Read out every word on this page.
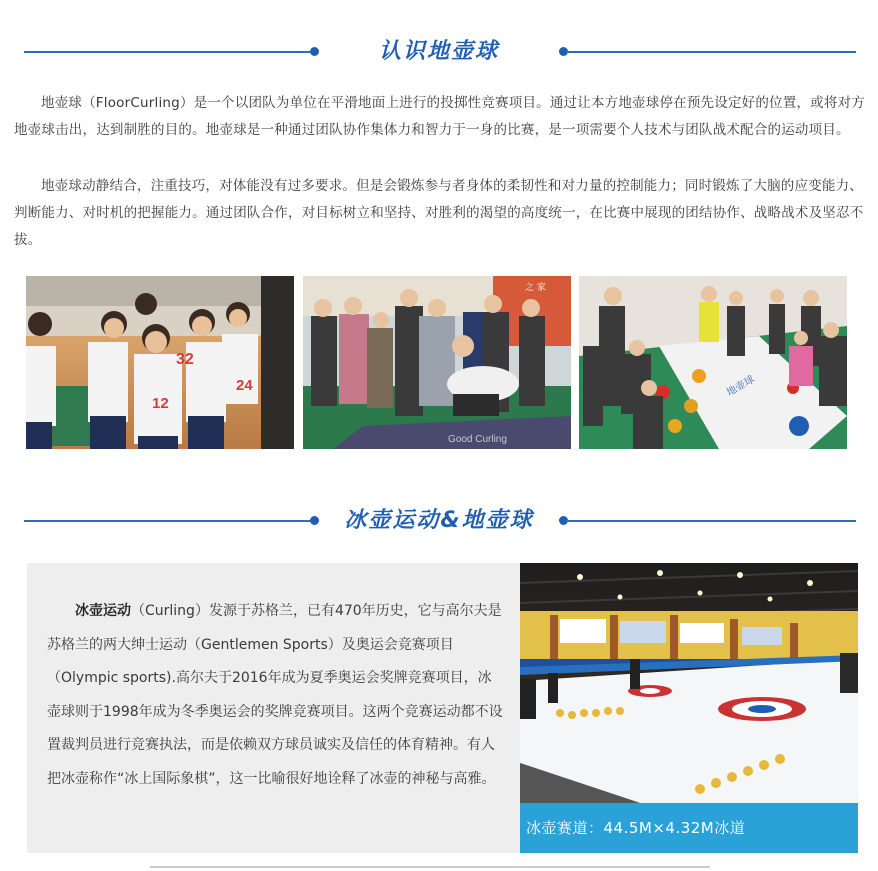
认识地壶球

地壶球（FloorCurling）是一个以团队为单位在平滑地面上进行的投掷性竞赛项目。通过让本方地壶球停在预先设定好的位置，或将对方地壶球击出，达到制胜的目的。地壶球是一种通过团队协作集体力和智力于一身的比赛，是一项需要个人技术与团队战术配合的运动项目。

地壶球动静结合，注重技巧，对体能没有过多要求。但是会锻炼参与者身体的柔韧性和对力量的控制能力；同时锻炼了大脑的应变能力、判断能力、对时机的把握能力。通过团队合作，对目标树立和坚持、对胜利的渴望的高度统一，在比赛中展现的团结协作、战略战术及坚忍不拔。

32
24
12
之 家
Good Curling
地壶球
冰壶运动&地壶球

冰壶运动（Curling）发源于苏格兰，已有470年历史，它与高尔夫是苏格兰的两大绅士运动（Gentlemen Sports）及奥运会竞赛项目（Olympic sports).高尔夫于2016年成为夏季奥运会奖牌竞赛项目，冰壶球则于1998年成为冬季奥运会的奖牌竞赛项目。这两个竞赛运动都不设置裁判员进行竞赛执法，而是依赖双方球员诚实及信任的体育精神。有人把冰壶称作“冰上国际象棋”，这一比喻很好地诠释了冰壶的神秘与高雅。

冰壶赛道：44.5M×4.32M冰道
